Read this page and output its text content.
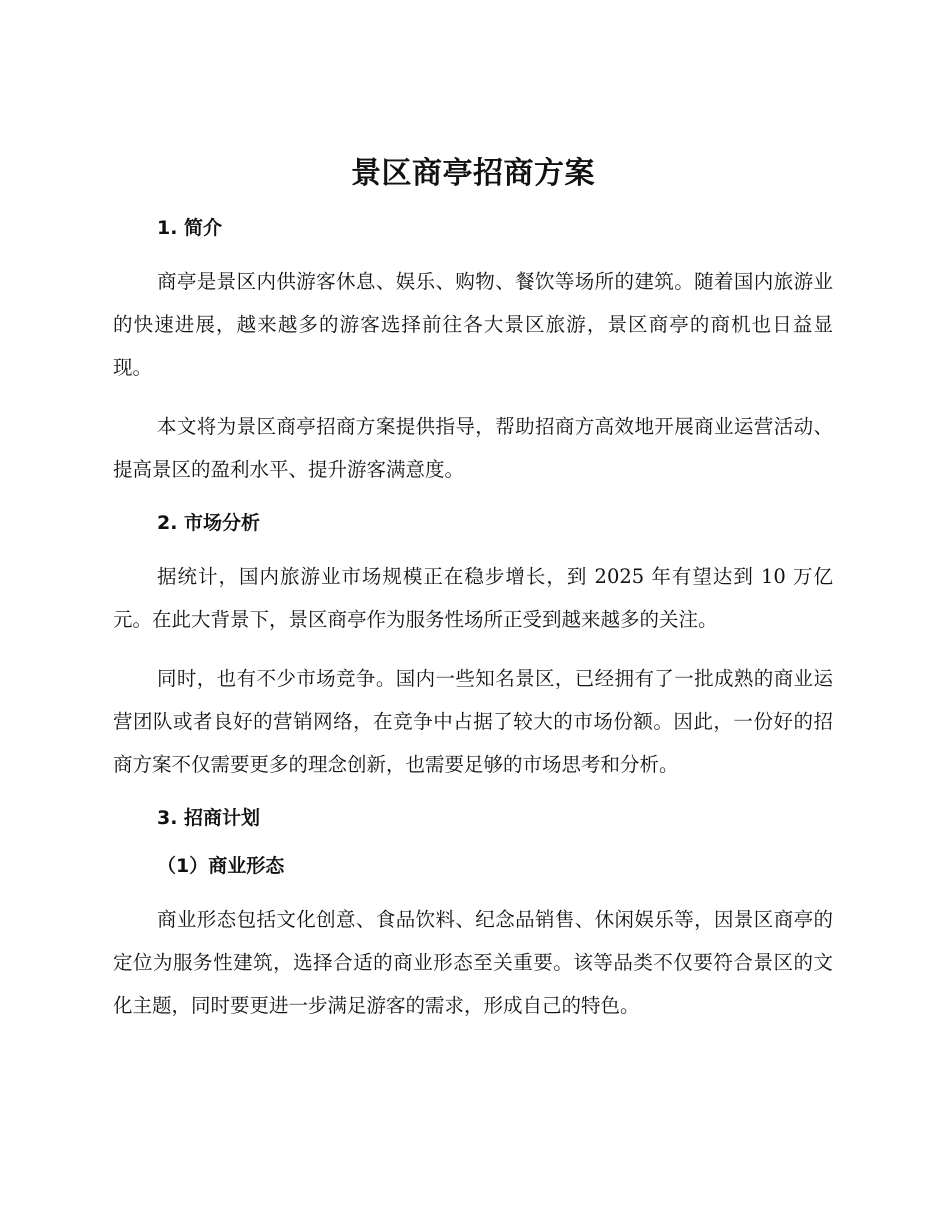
景区商亭招商方案
1. 简介

商亭是景区内供游客休息、娱乐、购物、餐饮等场所的建筑。随着国内旅游业的快速进展，越来越多的游客选择前往各大景区旅游，景区商亭的商机也日益显现。

本文将为景区商亭招商方案提供指导，帮助招商方高效地开展商业运营活动、提高景区的盈利水平、提升游客满意度。

2. 市场分析

据统计，国内旅游业市场规模正在稳步增长，到 2025 年有望达到 10 万亿元。在此大背景下，景区商亭作为服务性场所正受到越来越多的关注。

同时，也有不少市场竞争。国内一些知名景区，已经拥有了一批成熟的商业运营团队或者良好的营销网络，在竞争中占据了较大的市场份额。因此，一份好的招商方案不仅需要更多的理念创新，也需要足够的市场思考和分析。

3. 招商计划
（1）商业形态

商业形态包括文化创意、食品饮料、纪念品销售、休闲娱乐等，因景区商亭的定位为服务性建筑，选择合适的商业形态至关重要。该等品类不仅要符合景区的文化主题，同时要更进一步满足游客的需求，形成自己的特色。
